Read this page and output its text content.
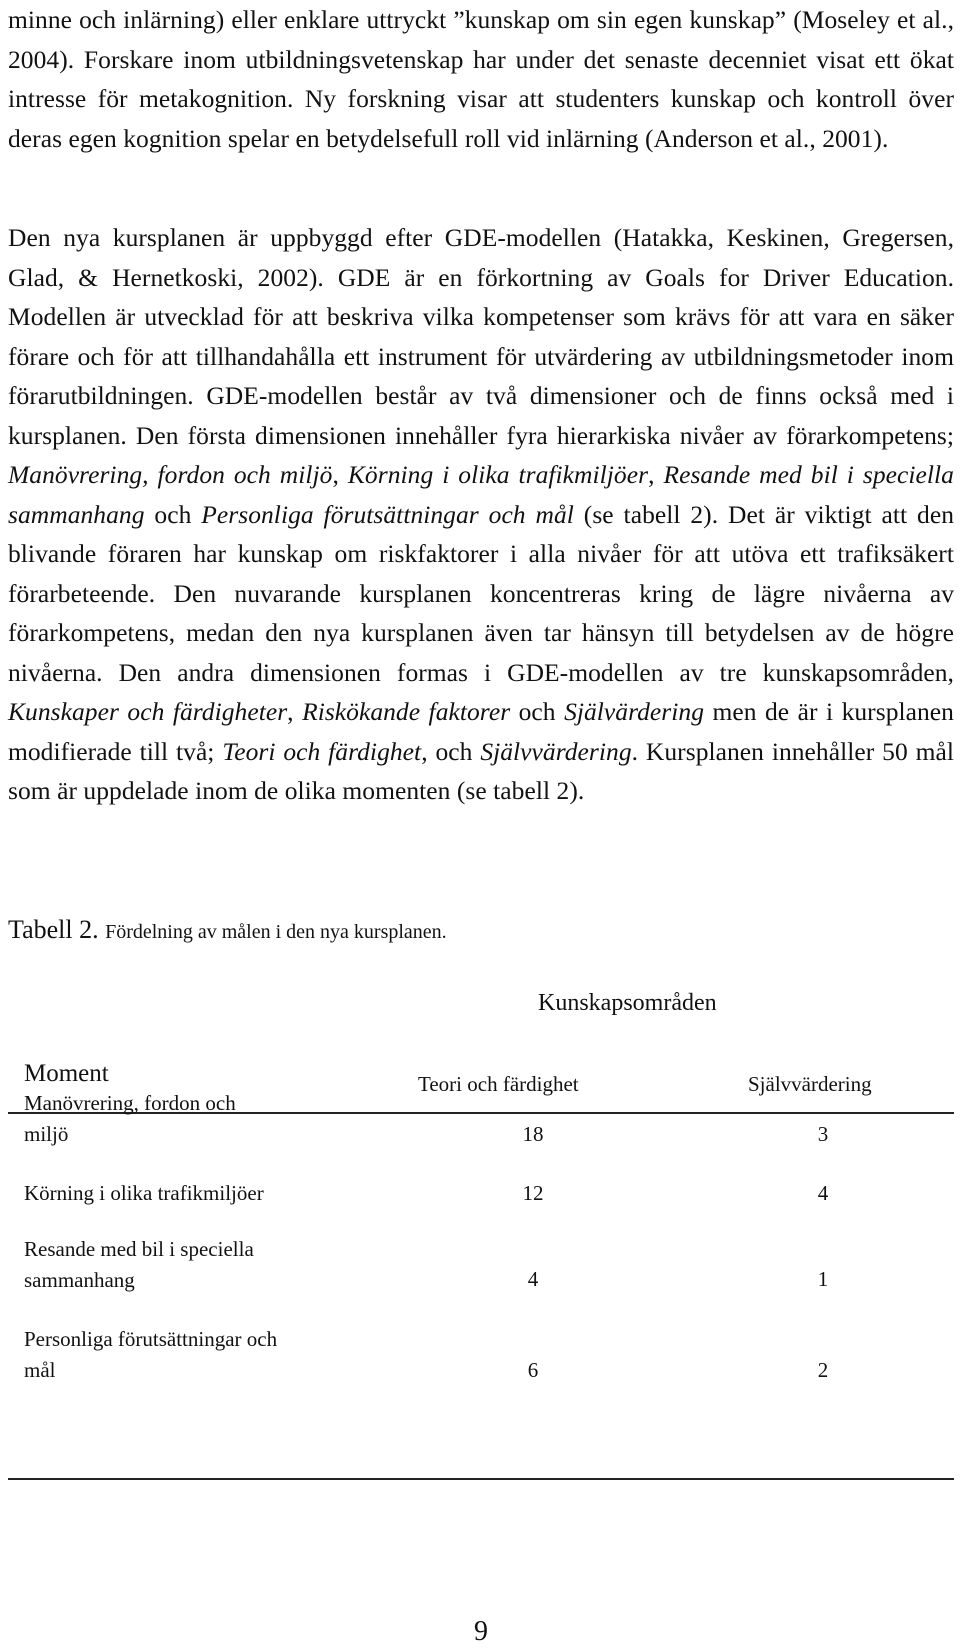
minne och inlärning) eller enklare uttryckt ”kunskap om sin egen kunskap” (Moseley et al., 2004). Forskare inom utbildningsvetenskap har under det senaste decenniet visat ett ökat intresse för metakognition. Ny forskning visar att studenters kunskap och kontroll över deras egen kognition spelar en betydelsefull roll vid inlärning (Anderson et al., 2001).

Den nya kursplanen är uppbyggd efter GDE-modellen (Hatakka, Keskinen, Gregersen, Glad, & Hernetkoski, 2002). GDE är en förkortning av Goals for Driver Education. Modellen är utvecklad för att beskriva vilka kompetenser som krävs för att vara en säker förare och för att tillhandahålla ett instrument för utvärdering av utbildningsmetoder inom förarutbildningen. GDE-modellen består av två dimensioner och de finns också med i kursplanen. Den första dimensionen innehåller fyra hierarkiska nivåer av förarkompetens; Manövrering, fordon och miljö, Körning i olika trafikmiljöer, Resande med bil i speciella sammanhang och Personliga förutsättningar och mål (se tabell 2). Det är viktigt att den blivande föraren har kunskap om riskfaktorer i alla nivåer för att utöva ett trafiksäkert förarbeteende. Den nuvarande kursplanen koncentreras kring de lägre nivåerna av förarkompetens, medan den nya kursplanen även tar hänsyn till betydelsen av de högre nivåerna. Den andra dimensionen formas i GDE-modellen av tre kunskapsområden, Kunskaper och färdigheter, Riskökande faktorer och Självärdering men de är i kursplanen modifierade till två; Teori och färdighet, och Självvärdering. Kursplanen innehåller 50 mål som är uppdelade inom de olika momenten (se tabell 2).

Tabell 2. Fördelning av målen i den nya kursplanen.
Kunskapsområden
Moment	Teori och färdighet	Självvärdering
Manövrering, fordon och
miljö	18	3
Körning i olika trafikmiljöer	12	4
Resande med bil i speciella
sammanhang	4	1
Personliga förutsättningar och
mål	6	2
9
